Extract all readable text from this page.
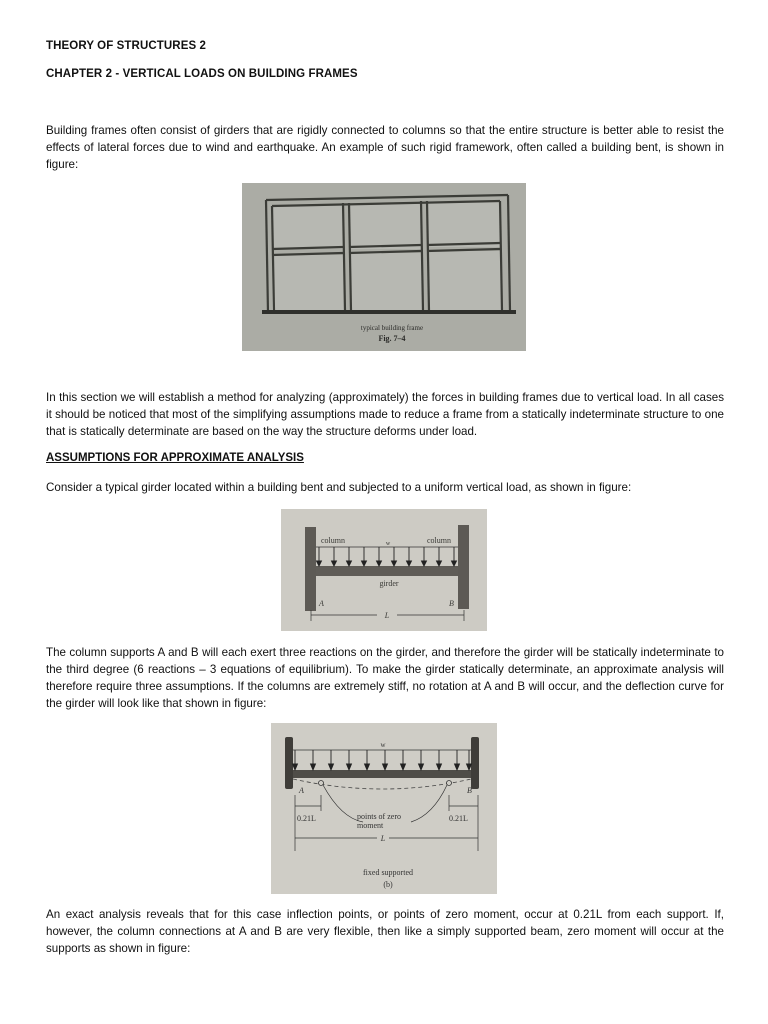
THEORY OF STRUCTURES 2
CHAPTER 2 - VERTICAL LOADS ON BUILDING FRAMES
Building frames often consist of girders that are rigidly connected to columns so that the entire structure is better able to resist the effects of lateral forces due to wind and earthquake. An example of such rigid framework, often called a building bent, is shown in figure:
typical building frame
Fig. 7–4
In this section we will establish a method for analyzing (approximately) the forces in building frames due to vertical load. In all cases it should be noticed that most of the simplifying assumptions made to reduce a frame from a statically indeterminate structure to one that is statically determinate are based on the way the structure deforms under load.
ASSUMPTIONS FOR APPROXIMATE ANALYSIS
Consider a typical girder located within a building bent and subjected to a uniform vertical load, as shown in figure:
column	column
w
girder
A	B
L
The column supports A and B will each exert three reactions on the girder, and therefore the girder will be statically indeterminate to the third degree (6 reactions – 3 equations of equilibrium). To make the girder statically determinate, an approximate analysis will therefore require three assumptions. If the columns are extremely stiff, no rotation at A and B will occur, and the deflection curve for the girder will look like that shown in figure:
w
A	B
0.21L	0.21L
points of zero
moment
L
fixed supported
(b)
An exact analysis reveals that for this case inflection points, or points of zero moment, occur at 0.21L from each support. If, however, the column connections at A and B are very flexible, then like a simply supported beam, zero moment will occur at the supports as shown in figure:
